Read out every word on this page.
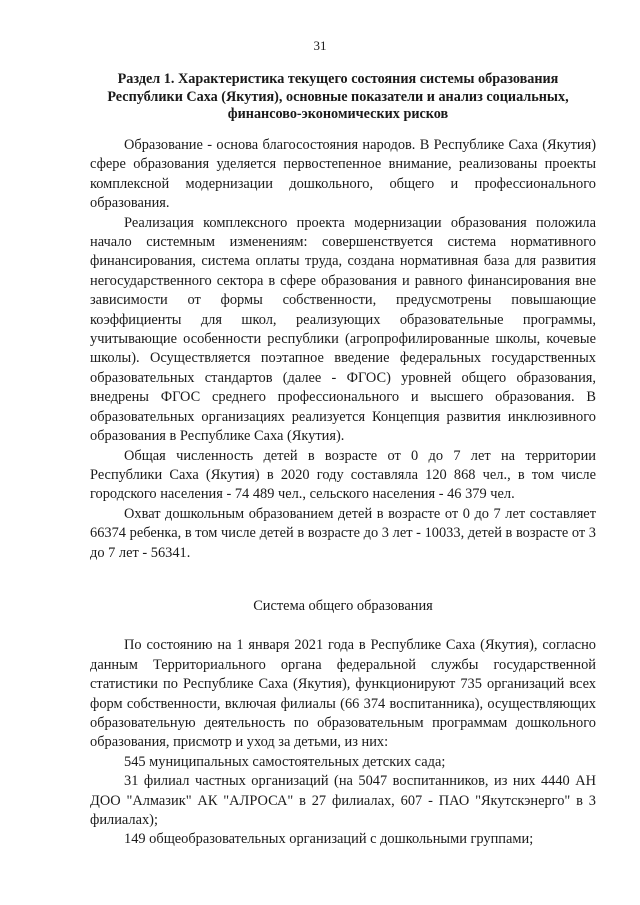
31
Раздел 1. Характеристика текущего состояния системы образования Республики Саха (Якутия), основные показатели и анализ социальных, финансово-экономических рисков

Образование - основа благосостояния народов. В Республике Саха (Якутия) сфере образования уделяется первостепенное внимание, реализованы проекты комплексной модернизации дошкольного, общего и профессионального образования.

Реализация комплексного проекта модернизации образования положила начало системным изменениям: совершенствуется система нормативного финансирования, система оплаты труда, создана нормативная база для развития негосударственного сектора в сфере образования и равного финансирования вне зависимости от формы собственности, предусмотрены повышающие коэффициенты для школ, реализующих образовательные программы, учитывающие особенности республики (агропрофилированные школы, кочевые школы). Осуществляется поэтапное введение федеральных государственных образовательных стандартов (далее - ФГОС) уровней общего образования, внедрены ФГОС среднего профессионального и высшего образования. В образовательных организациях реализуется Концепция развития инклюзивного образования в Республике Саха (Якутия).

Общая численность детей в возрасте от 0 до 7 лет на территории Республики Саха (Якутия) в 2020 году составляла 120 868 чел., в том числе городского населения - 74 489 чел., сельского населения - 46 379 чел.

Охват дошкольным образованием детей в возрасте от 0 до 7 лет составляет 66374 ребенка, в том числе детей в возрасте до 3 лет - 10033, детей в возрасте от 3 до 7 лет - 56341.

Система общего образования

По состоянию на 1 января 2021 года в Республике Саха (Якутия), согласно данным Территориального органа федеральной службы государственной статистики по Республике Саха (Якутия), функционируют 735 организаций всех форм собственности, включая филиалы (66 374 воспитанника), осуществляющих образовательную деятельность по образовательным программам дошкольного образования, присмотр и уход за детьми, из них:

545 муниципальных самостоятельных детских сада;

31 филиал частных организаций (на 5047 воспитанников, из них 4440 АН ДОО "Алмазик" АК "АЛРОСА" в 27 филиалах, 607 - ПАО "Якутскэнерго" в 3 филиалах);

149 общеобразовательных организаций с дошкольными группами;
